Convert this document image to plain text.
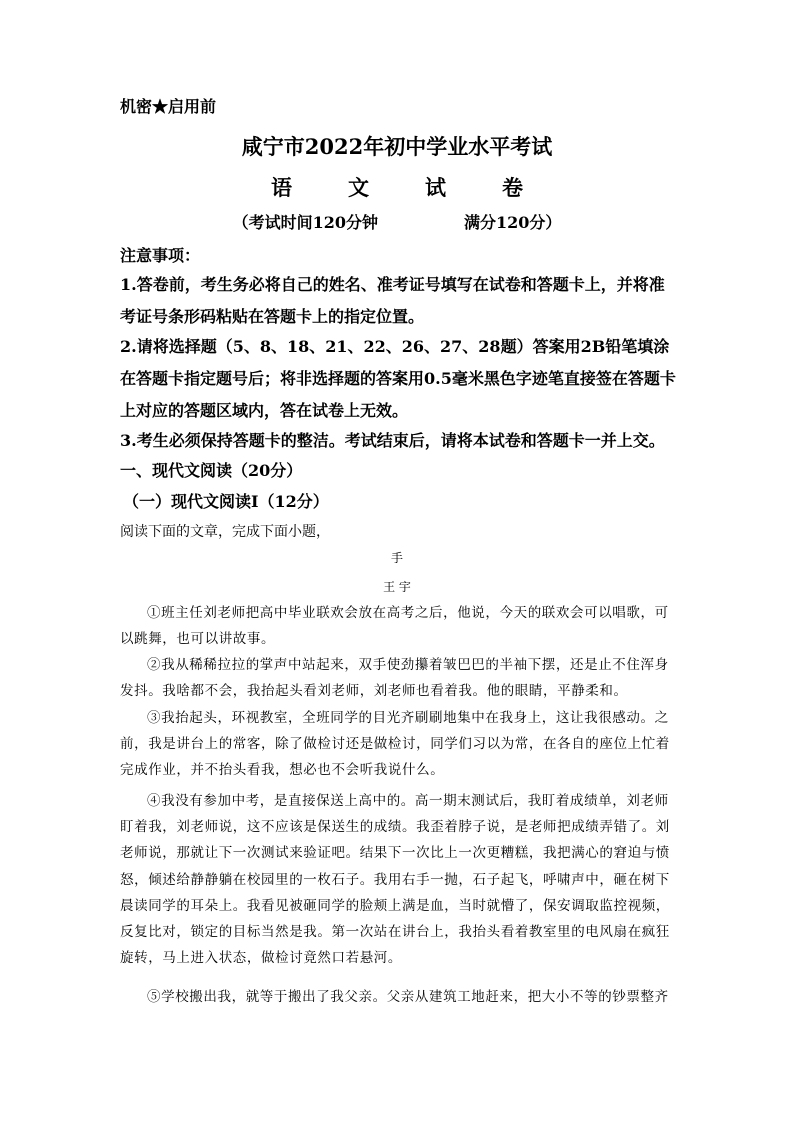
机密★启用前
咸宁市2022年初中学业水平考试
语	文	试	卷
（考试时间120分钟	满分120分）
注意事项：
1.答卷前，考生务必将自己的姓名、准考证号填写在试卷和答题卡上，并将准考证号条形码粘贴在答题卡上的指定位置。
2.请将选择题（5、8、18、21、22、26、27、28题）答案用2B铅笔填涂在答题卡指定题号后；将非选择题的答案用0.5毫米黑色字迹笔直接签在答题卡上对应的答题区域内，答在试卷上无效。
3.考生必须保持答题卡的整洁。考试结束后，请将本试卷和答题卡一并上交。
一、现代文阅读（20分）
（一）现代文阅读Ⅰ（12分）
阅读下面的文章，完成下面小题，
手
王 宇
①班主任刘老师把高中毕业联欢会放在高考之后，他说，今天的联欢会可以唱歌，可以跳舞，也可以讲故事。
②我从稀稀拉拉的掌声中站起来，双手使劲攥着皱巴巴的半袖下摆，还是止不住浑身发抖。我啥都不会，我抬起头看刘老师，刘老师也看着我。他的眼睛，平静柔和。
③我抬起头，环视教室，全班同学的目光齐刷刷地集中在我身上，这让我很感动。之前，我是讲台上的常客，除了做检讨还是做检讨，同学们习以为常，在各自的座位上忙着完成作业，并不抬头看我，想必也不会听我说什么。
④我没有参加中考，是直接保送上高中的。高一期末测试后，我盯着成绩单，刘老师盯着我，刘老师说，这不应该是保送生的成绩。我歪着脖子说，是老师把成绩弄错了。刘老师说，那就让下一次测试来验证吧。结果下一次比上一次更糟糕，我把满心的窘迫与愤怒，倾述给静静躺在校园里的一枚石子。我用右手一抛，石子起飞，呼啸声中，砸在树下晨读同学的耳朵上。我看见被砸同学的脸颊上满是血，当时就懵了，保安调取监控视频，反复比对，锁定的目标当然是我。第一次站在讲台上，我抬头看着教室里的电风扇在疯狂旋转，马上进入状态，做检讨竟然口若悬河。
⑤学校搬出我，就等于搬出了我父亲。父亲从建筑工地赶来，把大小不等的钞票整齐
